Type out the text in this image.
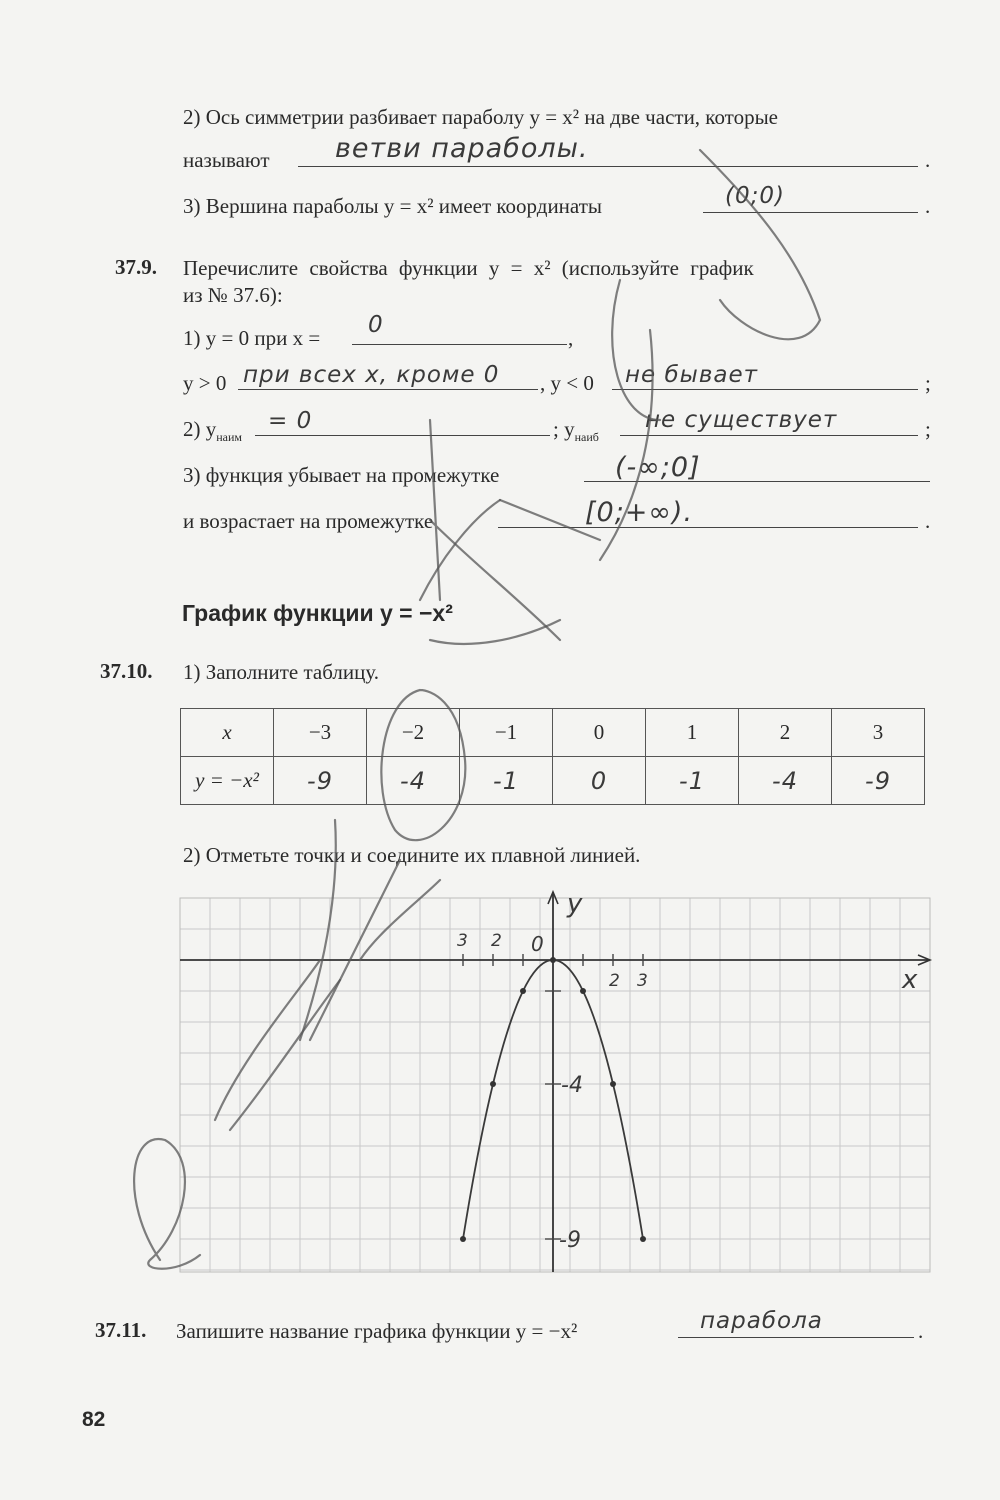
2) Ось симметрии разбивает параболу y = x² на две части, которые
называют ветви параболы.	.
3) Вершина параболы y = x² имеет координаты	(0;0)	.
37.9. Перечислите свойства функции y = x² (используйте график
из № 37.6):
1) y = 0 при x = 0	,
y > 0 при всех x, кроме 0 , y < 0 не бывает	;
2) $y_{наим}$
= 0	; $y_{наиб}$
не существует	;
3) функция убывает на промежутке	(-∞;0]
и возрастает на промежутке	[0;+∞).	.
График функции y = −x²
37.10. 1) Заполните таблицу.
x	−3	−2	−1	0	1	2	3
y = −x²	-9	-4	-1	0	-1	-4	-9
2) Отметьте точки и соедините их плавной линией.
y
x
3 2 0
2 3
-4
-9
37.11. Запишите название графика функции y = −x²	парабола	.
82
